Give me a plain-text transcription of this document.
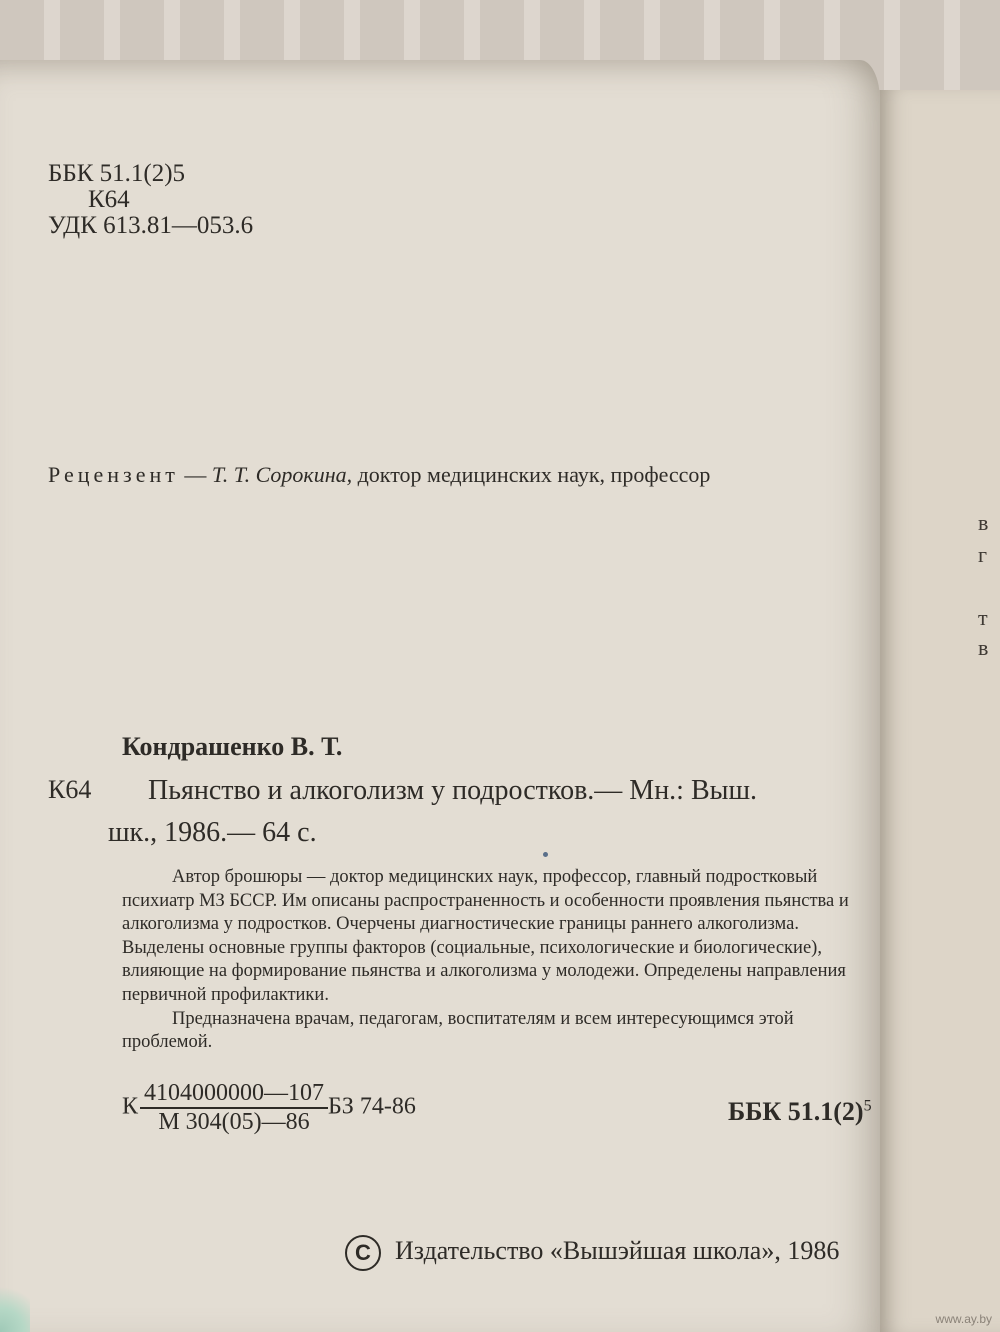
в
г
т
в
ББК 51.1(2)5
К64
УДК 613.81—053.6
Рецензент — Т. Т. Сорокина, доктор медицинских наук, профессор
Кондрашенко В. Т.
К64 Пьянство и алкоголизм у подростков.— Мн.: Выш.
шк., 1986.— 64 с.

Автор брошюры — доктор медицинских наук, профессор, главный подростковый психиатр МЗ БССР. Им описаны распространенность и особенности проявления пьянства и алкоголизма у подростков. Очерчены диагностические границы раннего алкоголизма. Выделены основные группы факторов (социальные, психологические и биологические), влияющие на формирование пьянства и алкоголизма у молодежи. Определены направления первичной профилактики.

Предназначена врачам, педагогам, воспитателям и всем интересующимся этой проблемой.

К $\frac{4104000000—107}{М 304(05)—86}$ БЗ 74-86	ББК $51.1(2)^5$
С Издательство «Вышэйшая школа», 1986
www.ay.by
